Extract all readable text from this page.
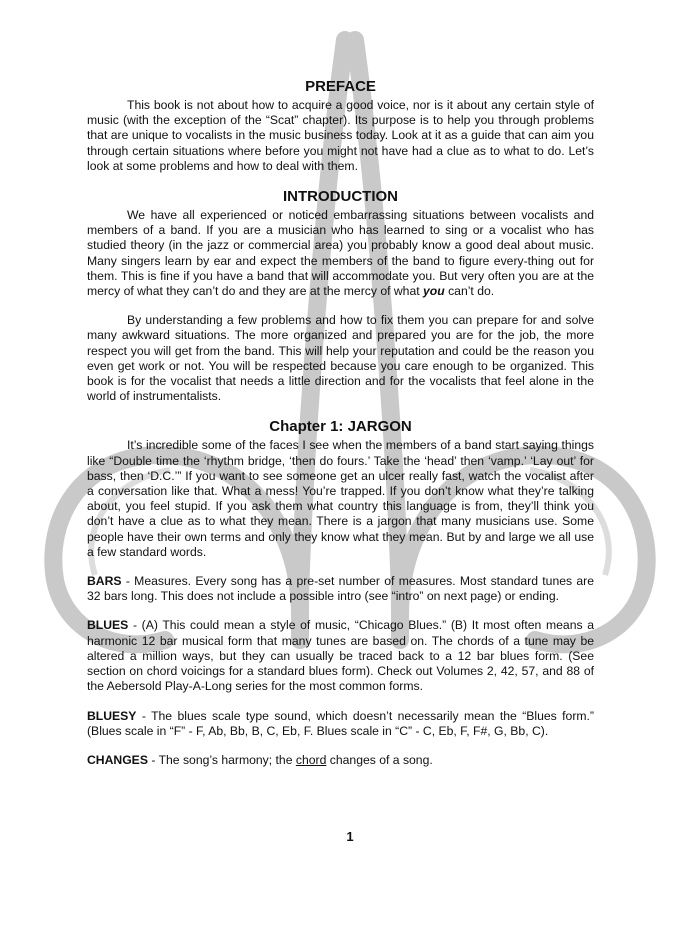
PREFACE

This book is not about how to acquire a good voice, nor is it about any certain style of music (with the exception of the “Scat” chapter). Its purpose is to help you through problems that are unique to vocalists in the music business today. Look at it as a guide that can aim you through certain situations where before you might not have had a clue as to what to do. Let’s look at some problems and how to deal with them.

INTRODUCTION

We have all experienced or noticed embarrassing situations between vocalists and members of a band. If you are a musician who has learned to sing or a vocalist who has studied theory (in the jazz or commercial area) you probably know a good deal about music. Many singers learn by ear and expect the members of the band to figure every-thing out for them. This is fine if you have a band that will accommodate you. But very often you are at the mercy of what they can’t do and they are at the mercy of what you can’t do.

By understanding a few problems and how to fix them you can prepare for and solve many awkward situations. The more organized and prepared you are for the job, the more respect you will get from the band. This will help your reputation and could be the reason you even get work or not. You will be respected because you care enough to be organized. This book is for the vocalist that needs a little direction and for the vocalists that feel alone in the world of instrumentalists.

Chapter 1: JARGON

It’s incredible some of the faces I see when the members of a band start saying things like “Double time the ‘rhythm bridge, ‘then do fours.’ Take the ‘head’ then ‘vamp.’ ‘Lay out’ for bass, then ‘D.C.’” If you want to see someone get an ulcer really fast, watch the vocalist after a conversation like that. What a mess! You’re trapped. If you don’t know what they’re talking about, you feel stupid. If you ask them what country this language is from, they’ll think you don’t have a clue as to what they mean. There is a jargon that many musicians use. Some people have their own terms and only they know what they mean. But by and large we all use a few standard words.

BARS - Measures. Every song has a pre-set number of measures. Most standard tunes are 32 bars long. This does not include a possible intro (see “intro” on next page) or ending.

BLUES - (A) This could mean a style of music, “Chicago Blues.” (B) It most often means a harmonic 12 bar musical form that many tunes are based on. The chords of a tune may be altered a million ways, but they can usually be traced back to a 12 bar blues form. (See section on chord voicings for a standard blues form). Check out Volumes 2, 42, 57, and 88 of the Aebersold Play-A-Long series for the most common forms.

BLUESY - The blues scale type sound, which doesn’t necessarily mean the “Blues form.” (Blues scale in “F” - F, Ab, Bb, B, C, Eb, F. Blues scale in “C” - C, Eb, F, F#, G, Bb, C).

CHANGES - The song’s harmony; the chord changes of a song.

1
